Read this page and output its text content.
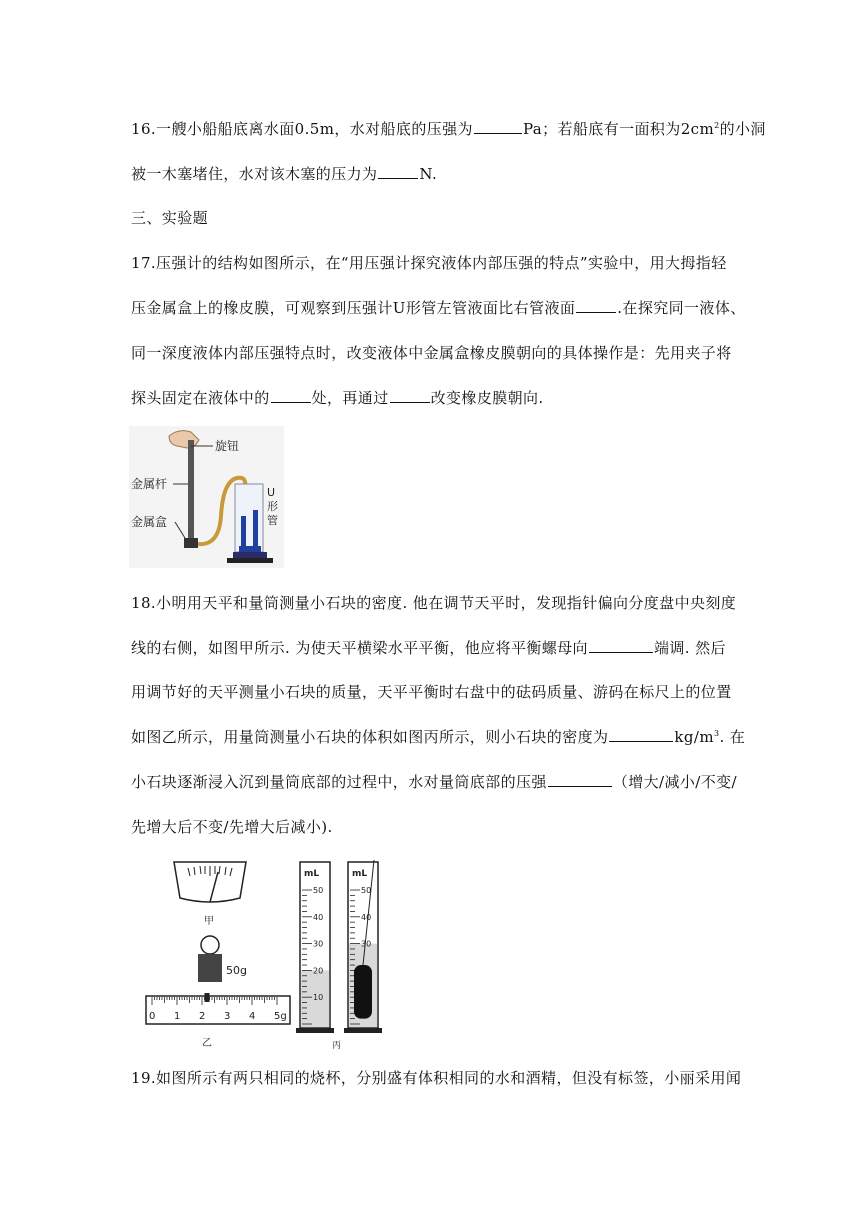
16.一艘小船船底离水面0.5m，水对船底的压强为	Pa；若船底有一面积为$2cm^2$的小洞
被一木塞堵住，水对该木塞的压力为	N.
三、实验题
17.压强计的结构如图所示，在“用压强计探究液体内部压强的特点”实验中，用大拇指轻
压金属盒上的橡皮膜，可观察到压强计U形管左管液面比右管液面	.在探究同一液体、
同一深度液体内部压强特点时，改变液体中金属盒橡皮膜朝向的具体操作是：先用夹子将
探头固定在液体中的	处，再通过	改变橡皮膜朝向.
旋钮
金属杆
金属盒
U
形
管
18.小明用天平和量筒测量小石块的密度. 他在调节天平时，发现指针偏向分度盘中央刻度
线的右侧，如图甲所示. 为使天平横梁水平平衡，他应将平衡螺母向	端调. 然后
用调节好的天平测量小石块的质量，天平平衡时右盘中的砝码质量、游码在标尺上的位置
如图乙所示，用量筒测量小石块的体积如图丙所示，则小石块的密度为	$kg/m^3$. 在
小石块逐渐浸入沉到量筒底部的过程中，水对量筒底部的压强	（增大/减小/不变/
先增大后不变/先增大后减小).
甲
50g
0 1 2 3 4 5g
乙
mL
50
40
30
20
10
mL
50
40
30
丙
19.如图所示有两只相同的烧杯，分别盛有体积相同的水和酒精，但没有标签，小丽采用闻
